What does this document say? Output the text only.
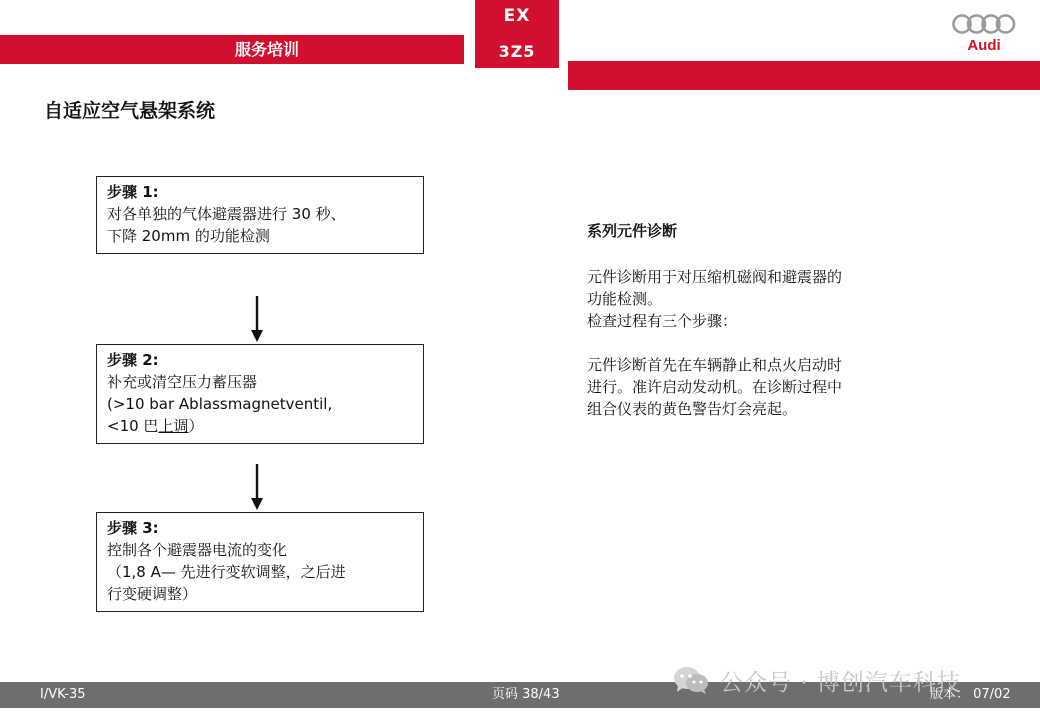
服务培训
EX
3Z5	Audi
自适应空气悬架系统
步骤 1:
对各单独的气体避震器进行 30 秒、
下降 20mm 的功能检测
步骤 2:
补充或清空压力蓄压器
(>10 bar Ablassmagnetventil,
<10 巴上调）
步骤 3:
控制各个避震器电流的变化
（1,8 A— 先进行变软调整，之后进
行变硬调整）
系列元件诊断
元件诊断用于对压缩机磁阀和避震器的
功能检测。
检查过程有三个步骤：
元件诊断首先在车辆静止和点火启动时
进行。准许启动发动机。在诊断过程中
组合仪表的黄色警告灯会亮起。
I/VK-35	页码 38/43	版本： 07/02
公众号 · 博创汽车科技
